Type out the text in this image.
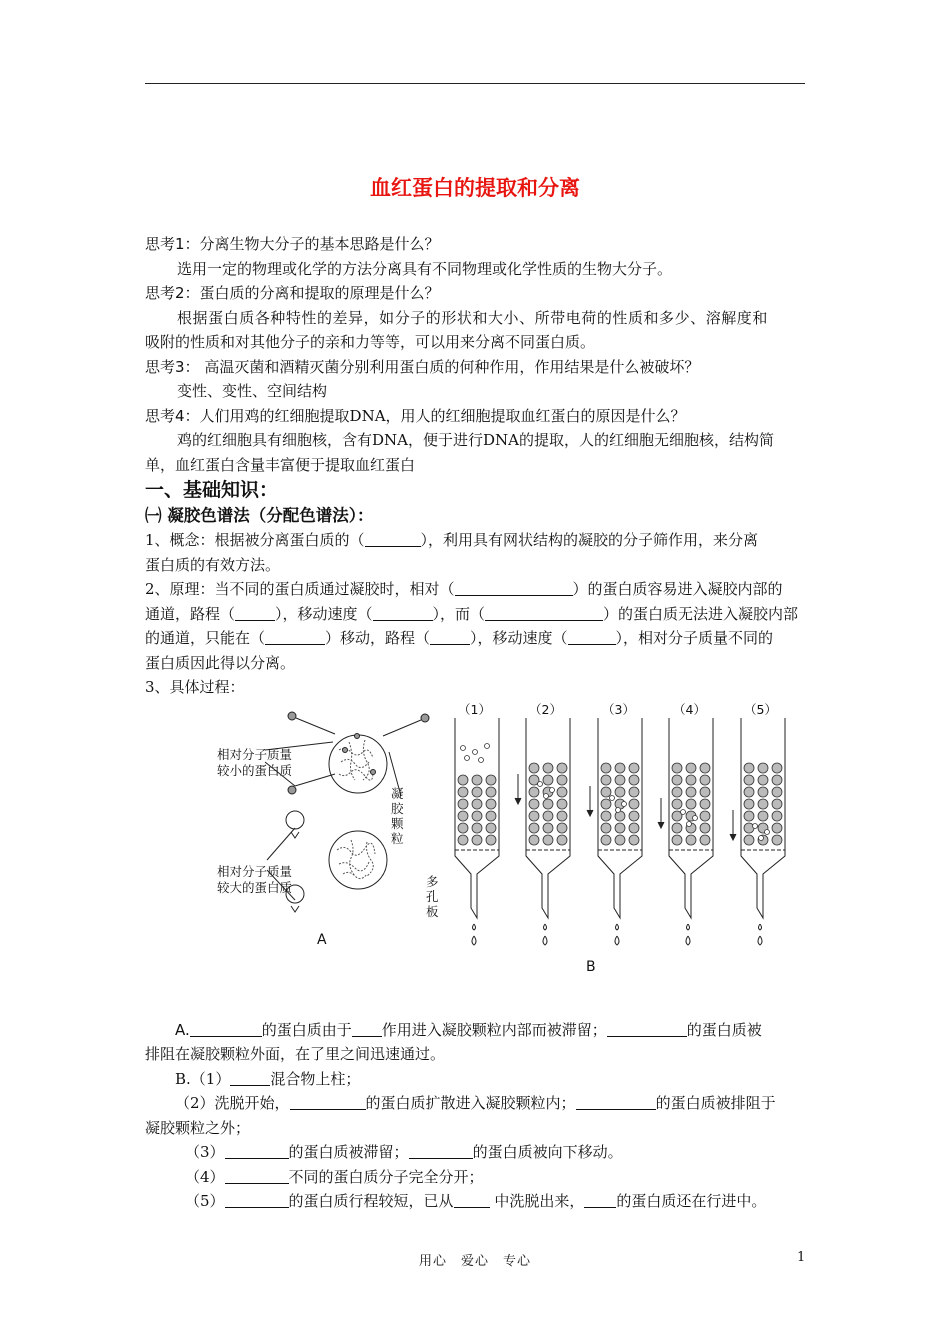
血红蛋白的提取和分离

思考1：分离生物大分子的基本思路是什么？

选用一定的物理或化学的方法分离具有不同物理或化学性质的生物大分子。

思考2：蛋白质的分离和提取的原理是什么？

根据蛋白质各种特性的差异，如分子的形状和大小、所带电荷的性质和多少、溶解度和

吸附的性质和对其他分子的亲和力等等，可以用来分离不同蛋白质。

思考3： 高温灭菌和酒精灭菌分别利用蛋白质的何种作用，作用结果是什么被破坏？

变性、变性、空间结构

思考4：人们用鸡的红细胞提取DNA，用人的红细胞提取血红蛋白的原因是什么？

鸡的红细胞具有细胞核，含有DNA，便于进行DNA的提取，人的红细胞无细胞核，结构简

单，血红蛋白含量丰富便于提取血红蛋白

一、基础知识：

㈠ 凝胶色谱法（分配色谱法）：

1、概念：根据被分离蛋白质的（	），利用具有网状结构的凝胶的分子筛作用，来分离

蛋白质的有效方法。

2、原理：当不同的蛋白质通过凝胶时，相对（	）的蛋白质容易进入凝胶内部的

通道，路程（	），移动速度（	），而（	）的蛋白质无法进入凝胶内部

的通道，只能在（	）移动，路程（	），移动速度（	），相对分子质量不同的

蛋白质因此得以分离。

3、具体过程：

相对分子质量
较小的蛋白质
相对分子质量
较大的蛋白质
凝
胶
颗
粒
多
孔
板
A
B
（1）	（2）	（3）	（4）	（5）

A.	的蛋白质由于 作用进入凝胶颗粒内部而被滞留；	的蛋白质被

排阻在凝胶颗粒外面，在了里之间迅速通过。

B.（1）	混合物上柱；

（2）洗脱开始，	的蛋白质扩散进入凝胶颗粒内；	的蛋白质被排阻于

凝胶颗粒之外；

（3）	的蛋白质被滞留；	的蛋白质被向下移动。

（4）	不同的蛋白质分子完全分开；

（5）	的蛋白质行程较短，已从 中洗脱出来， 的蛋白质还在行进中。

用心　爱心　专心	1
